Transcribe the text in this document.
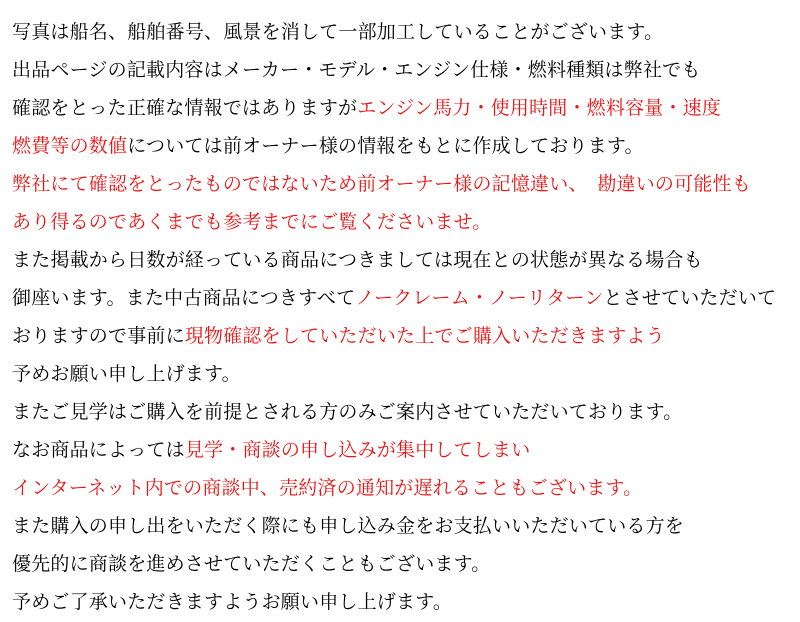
写真は船名、船舶番号、風景を消して一部加工していることがございます。
出品ページの記載内容はメーカー・モデル・エンジン仕様・燃料種類は弊社でも
確認をとった正確な情報ではありますがエンジン馬力・使用時間・燃料容量・速度
燃費等の数値については前オーナー様の情報をもとに作成しております。
弊社にて確認をとったものではないため前オーナー様の記憶違い、　勘違いの可能性も
あり得るのであくまでも参考までにご覧くださいませ。
また掲載から日数が経っている商品につきましては現在との状態が異なる場合も
御座います。また中古商品につきすべてノークレーム・ノーリターンとさせていただいて
おりますので事前に現物確認をしていただいた上でご購入いただきますよう
予めお願い申し上げます。
またご見学はご購入を前提とされる方のみご案内させていただいております。
なお商品によっては見学・商談の申し込みが集中してしまい
インターネット内での商談中、売約済の通知が遅れることもございます。
また購入の申し出をいただく際にも申し込み金をお支払いいただいている方を
優先的に商談を進めさせていただくこともございます。
予めご了承いただきますようお願い申し上げます。
